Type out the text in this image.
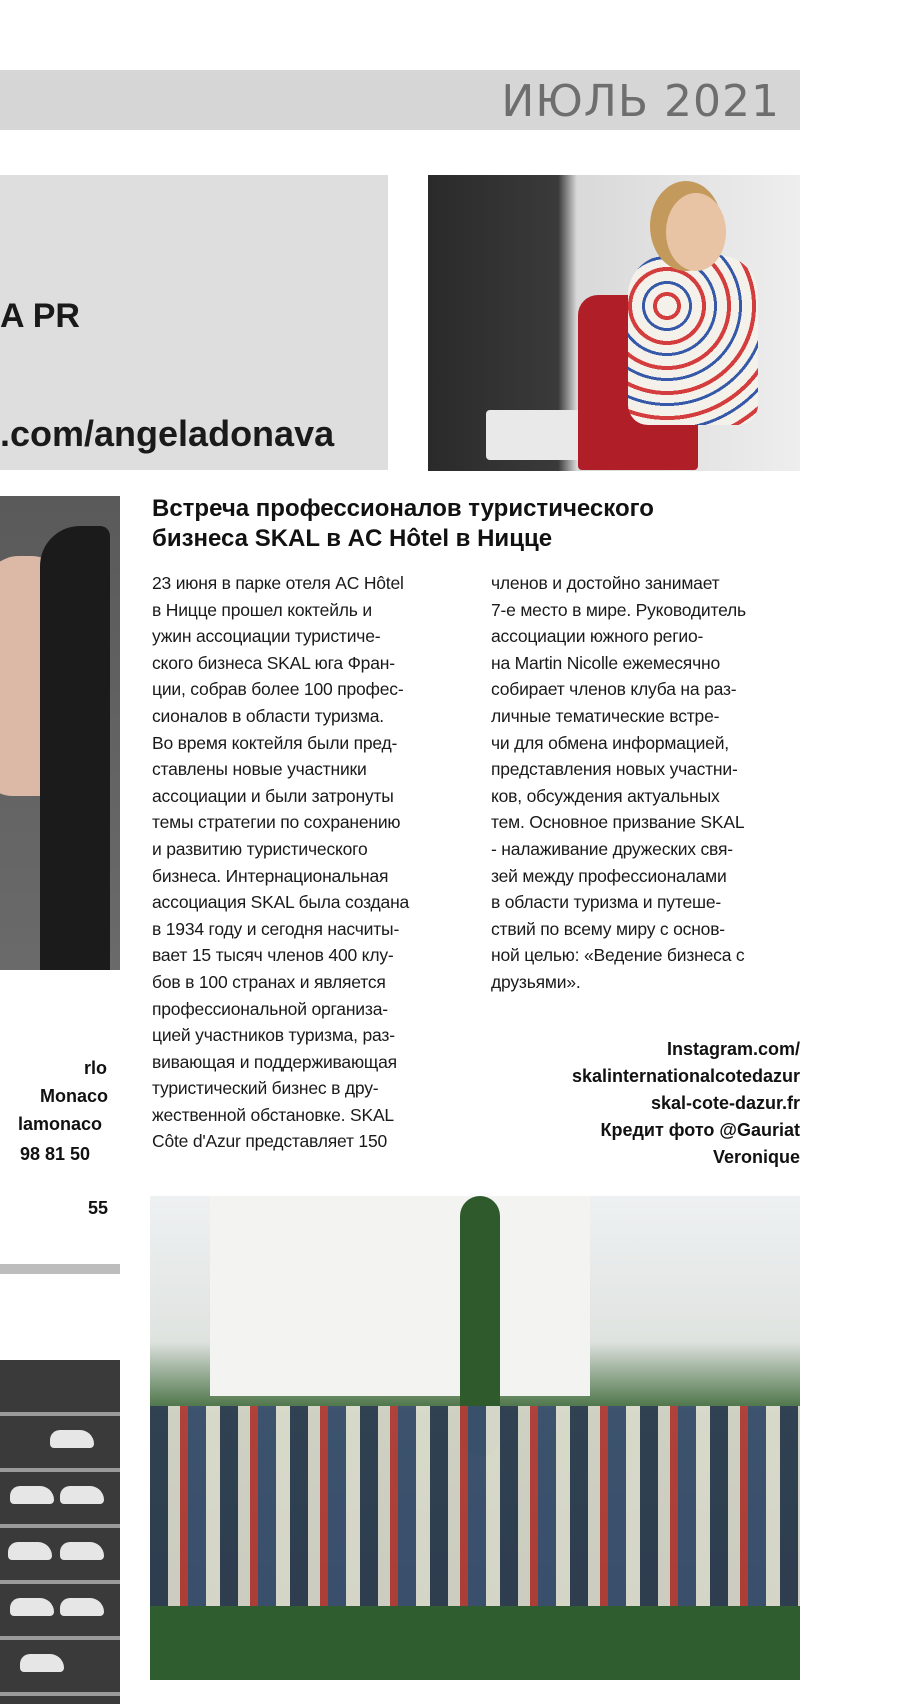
ИЮЛЬ 2021
A PR
.com/angeladonava
rlo
Monaco
lamonaco
98 81 50
55
Встреча профессионалов туристического
бизнеса SKAL в AC Hôtel в Ницце
23 июня в парке отеля AC Hôtel
в Ницце прошел коктейль и
ужин ассоциации туристиче-
ского бизнеса SKAL юга Фран-
ции, собрав более 100 профес-
сионалов в области туризма.
Во время коктейля были пред-
ставлены новые участники
ассоциации и были затронуты
темы стратегии по сохранению
и развитию туристического
бизнеса. Интернациональная
ассоциация SKAL была создана
в 1934 году и сегодня насчиты-
вает 15 тысяч членов 400 клу-
бов в 100 странах и является
профессиональной организа-
цией участников туризма, раз-
вивающая и поддерживающая
туристический бизнес в дру-
жественной обстановке. SKAL
Côte d'Azur представляет 150
членов и достойно занимает
7-е место в мире. Руководитель
ассоциации южного регио-
на Martin Nicolle ежемесячно
собирает членов клуба на раз-
личные тематические встре-
чи для обмена информацией,
представления новых участни-
ков, обсуждения актуальных
тем. Основное призвание SKAL
- налаживание дружеских свя-
зей между профессионалами
в области туризма и путеше-
ствий по всему миру с основ-
ной целью: «Ведение бизнеса с
друзьями».
Instagram.com/
skalinternationalcotedazur
skal-cote-dazur.fr
Кредит фото @Gauriat
Veronique
